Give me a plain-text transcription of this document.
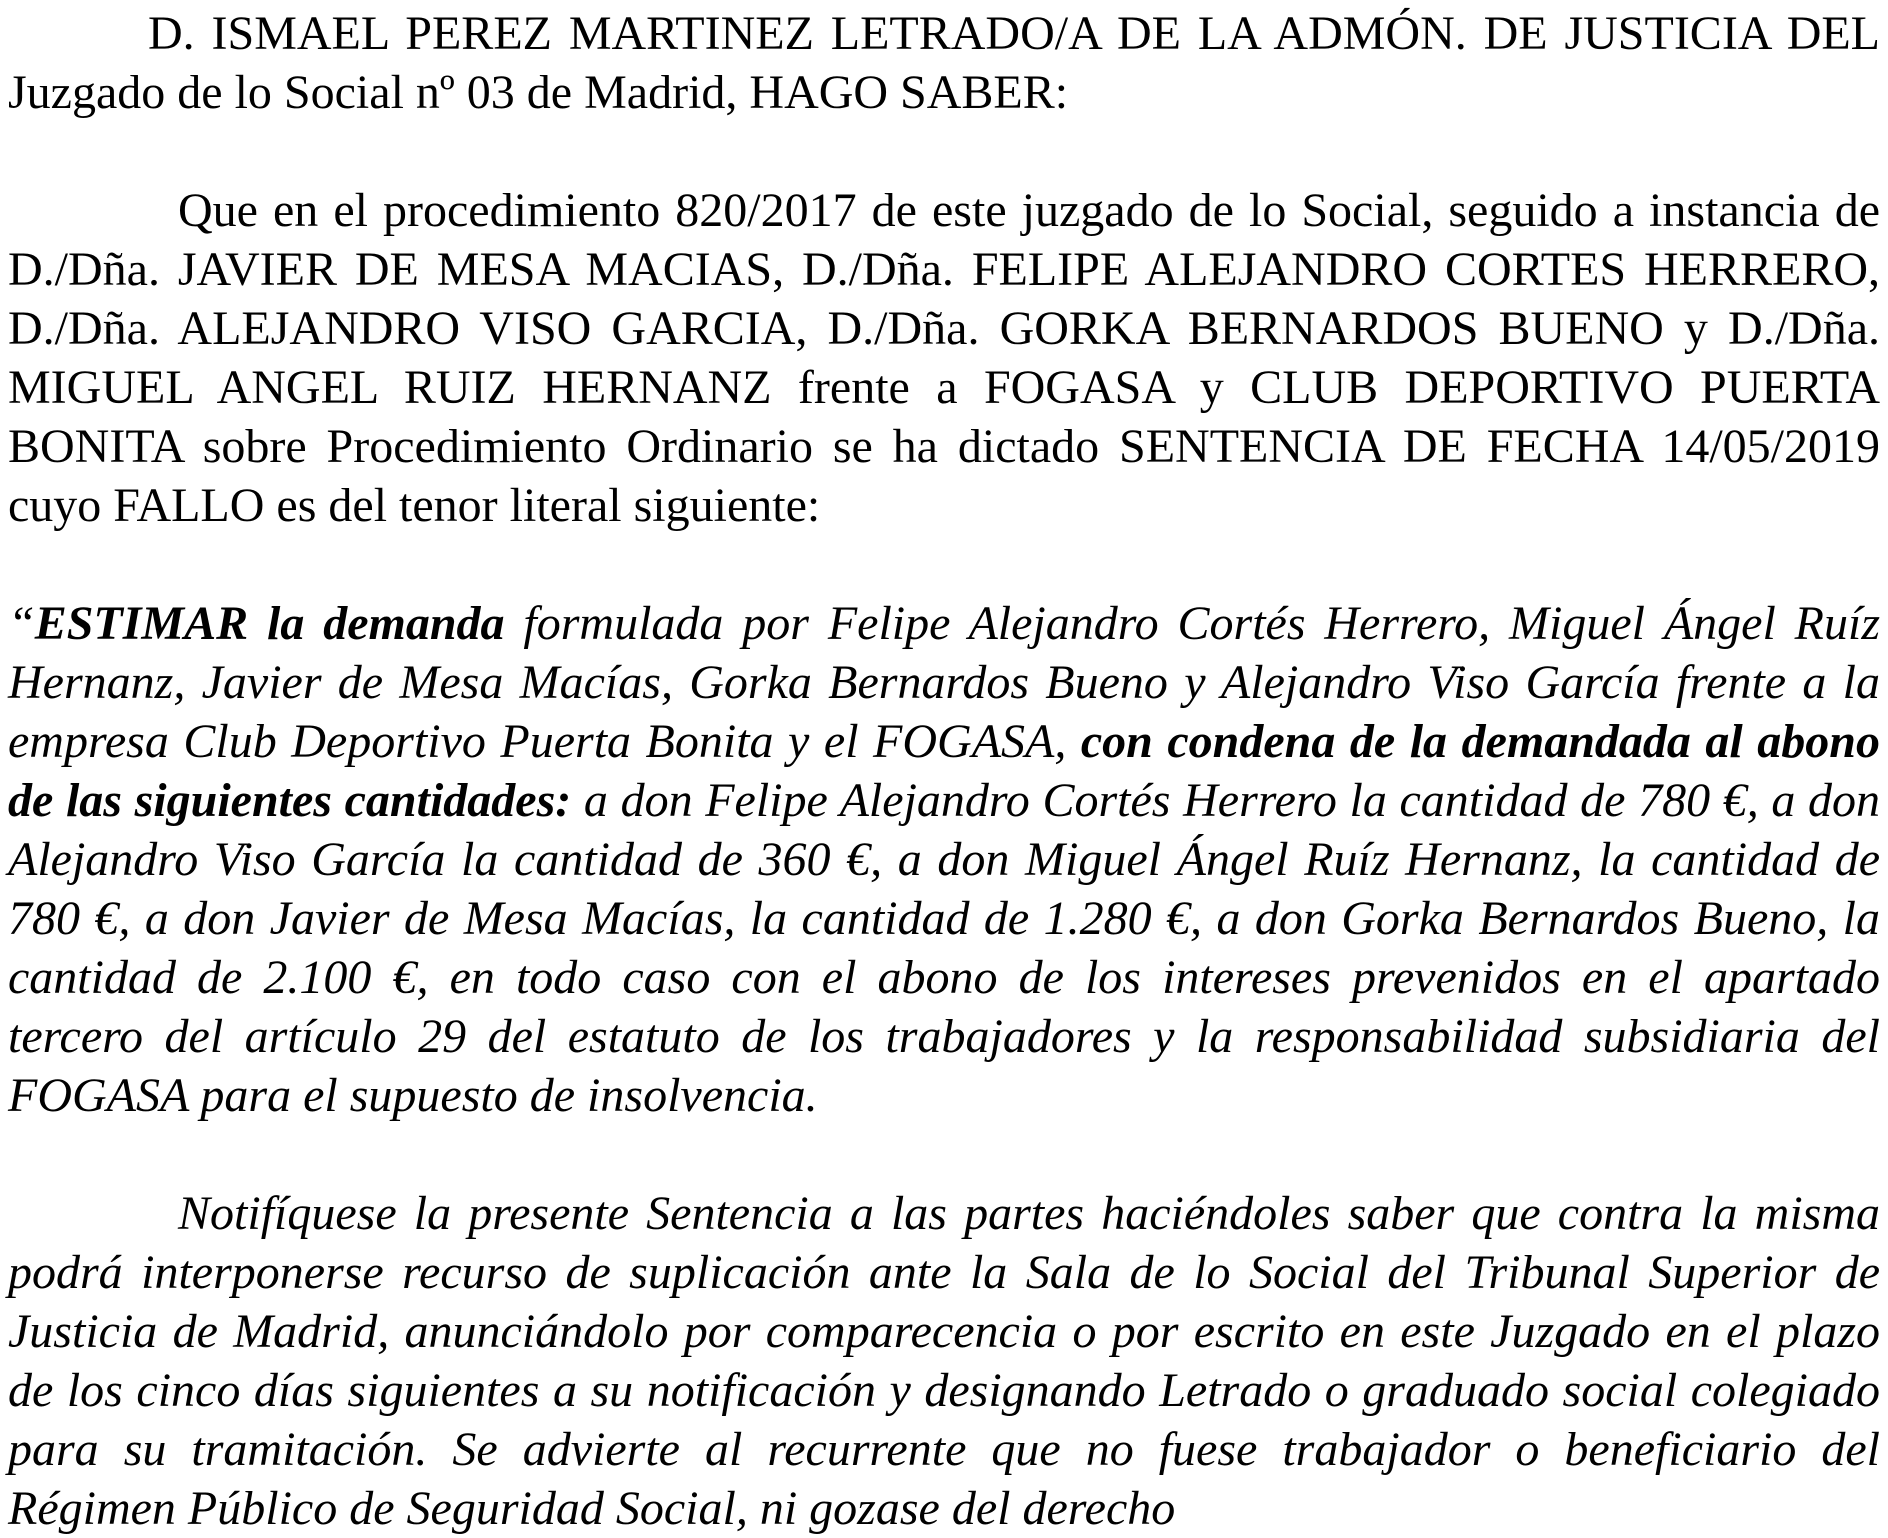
D. ISMAEL PEREZ MARTINEZ LETRADO/A DE LA ADMÓN. DE JUSTICIA DEL Juzgado de lo Social nº 03 de Madrid, HAGO SABER:

Que en el procedimiento 820/2017 de este juzgado de lo Social, seguido a instancia de D./Dña. JAVIER DE MESA MACIAS, D./Dña. FELIPE ALEJANDRO CORTES HERRERO, D./Dña. ALEJANDRO VISO GARCIA, D./Dña. GORKA BERNARDOS BUENO y D./Dña. MIGUEL ANGEL RUIZ HERNANZ frente a FOGASA y CLUB DEPORTIVO PUERTA BONITA sobre Procedimiento Ordinario se ha dictado SENTENCIA DE FECHA 14/05/2019 cuyo FALLO es del tenor literal siguiente:

“ESTIMAR la demanda formulada por Felipe Alejandro Cortés Herrero, Miguel Ángel Ruíz Hernanz, Javier de Mesa Macías, Gorka Bernardos Bueno y Alejandro Viso García frente a la empresa Club Deportivo Puerta Bonita y el FOGASA, con condena de la demandada al abono de las siguientes cantidades: a don Felipe Alejandro Cortés Herrero la cantidad de 780 €, a don Alejandro Viso García la cantidad de 360 €, a don Miguel Ángel Ruíz Hernanz, la cantidad de 780 €, a don Javier de Mesa Macías, la cantidad de 1.280 €, a don Gorka Bernardos Bueno, la cantidad de 2.100 €, en todo caso con el abono de los intereses prevenidos en el apartado tercero del artículo 29 del estatuto de los trabajadores y la responsabilidad subsidiaria del FOGASA para el supuesto de insolvencia.

Notifíquese la presente Sentencia a las partes haciéndoles saber que contra la misma podrá interponerse recurso de suplicación ante la Sala de lo Social del Tribunal Superior de Justicia de Madrid, anunciándolo por comparecencia o por escrito en este Juzgado en el plazo de los cinco días siguientes a su notificación y designando Letrado o graduado social colegiado para su tramitación. Se advierte al recurrente que no fuese trabajador o beneficiario del Régimen Público de Seguridad Social, ni gozase del derecho
